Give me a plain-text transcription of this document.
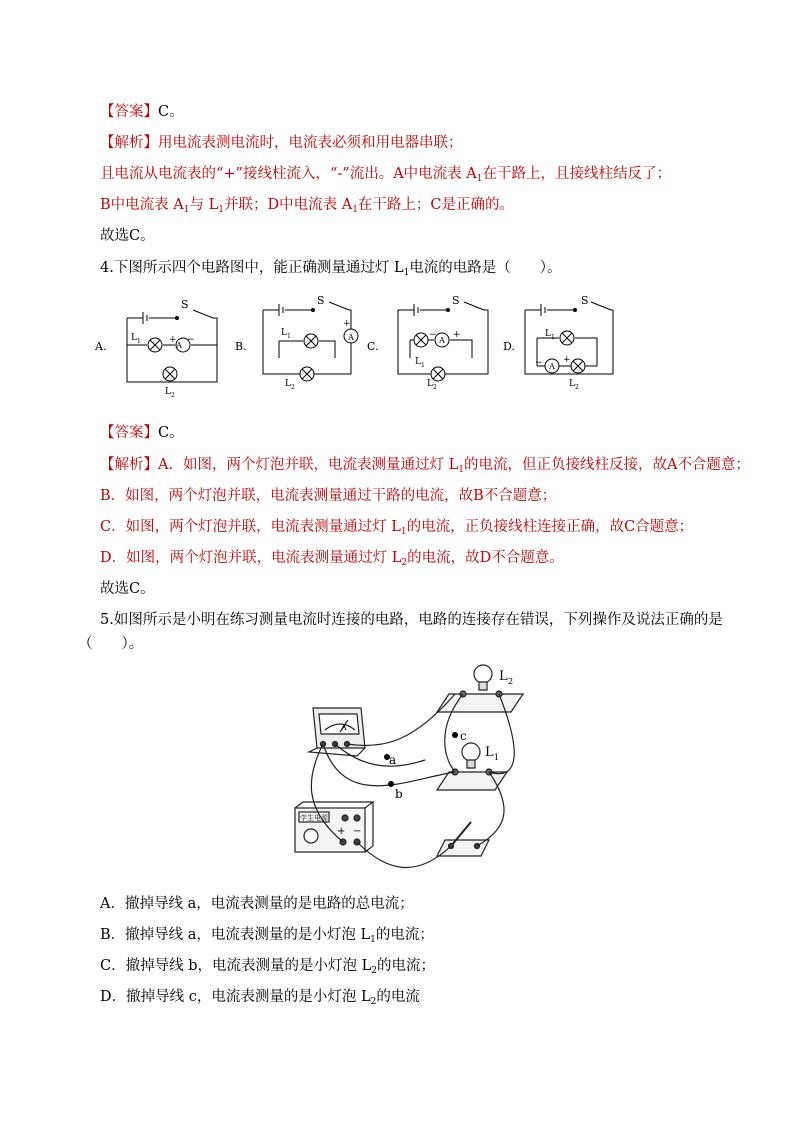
【答案】C。
【解析】用电流表测电流时，电流表必须和用电器串联；
且电流从电流表的“+”接线柱流入，“-”流出。A中电流表 $A_1$在干路上，且接线柱结反了；
B中电流表 $A_1$与 $L_1$并联；D中电流表 $A_1$在干路上；C是正确的。
故选C。
4.下图所示四个电路图中，能正确测量通过灯 $L_1$电流的电路是（　　）。
A.	B.	C.	D.
S
A
+ −
L 1
L 2
S
A
+
L 1
L 2
S
A
− +
L 1
L 2
S
A
− +
L 1
L 2
【答案】C。
【解析】A．如图，两个灯泡并联，电流表测量通过灯 $L_1$的电流，但正负接线柱反接，故A不合题意；
B．如图，两个灯泡并联，电流表测量通过干路的电流，故B不合题意；
C．如图，两个灯泡并联，电流表测量通过灯 $L_1$的电流，正负接线柱连接正确，故C合题意；
D．如图，两个灯泡并联，电流表测量通过灯 $L_2$的电流，故D不合题意。
故选C。
5.如图所示是小明在练习测量电流时连接的电路，电路的连接存在错误，下列操作及说法正确的是
（　　）。
a
b
c
L 2
L 1
A
学生电源
+ −
A．撤掉导线 a，电流表测量的是电路的总电流；
B．撤掉导线 a，电流表测量的是小灯泡 $L_1$的电流；
C．撤掉导线 b，电流表测量的是小灯泡 $L_2$的电流；
D．撤掉导线 c，电流表测量的是小灯泡 $L_2$的电流
